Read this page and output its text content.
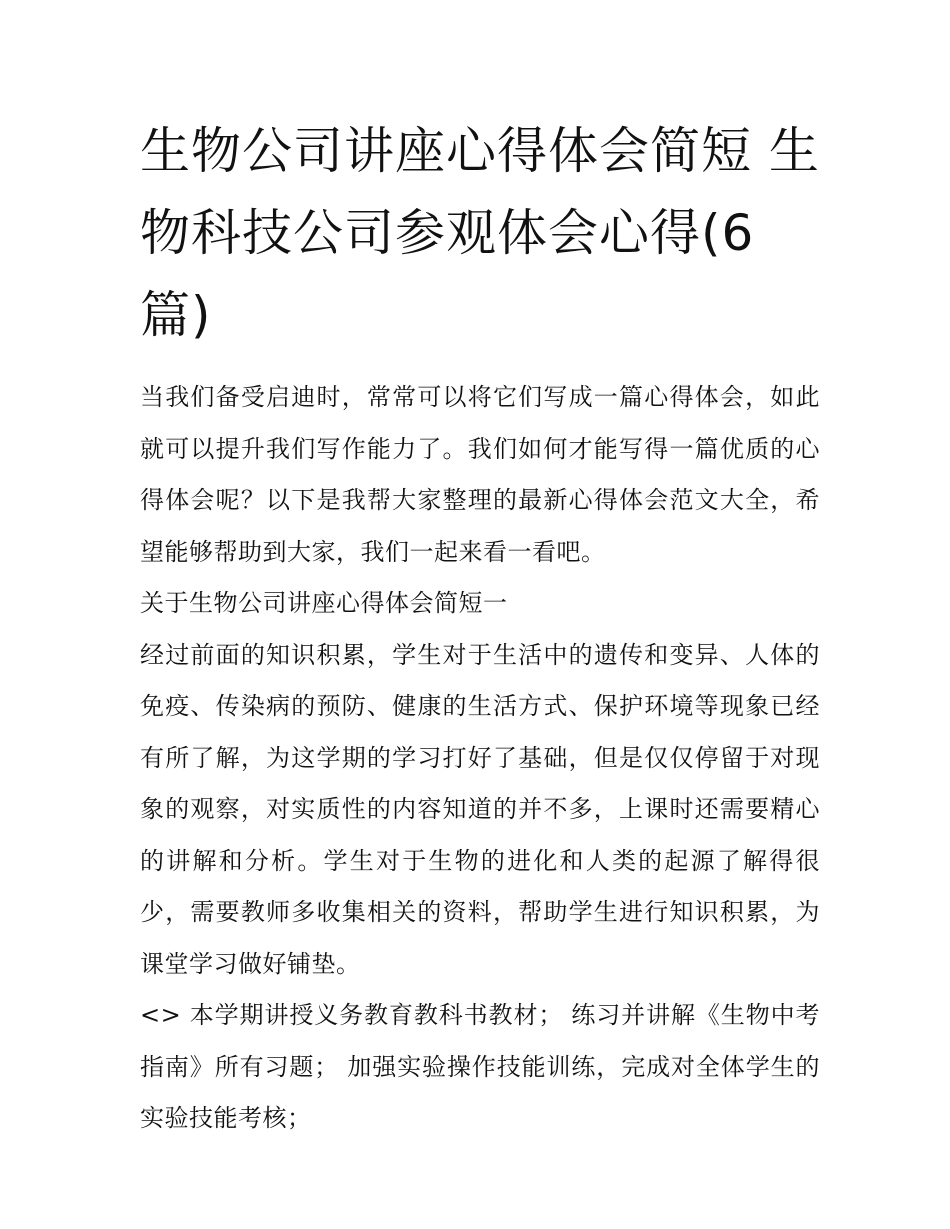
生物公司讲座心得体会简短 生物科技公司参观体会心得(6篇)

当我们备受启迪时，常常可以将它们写成一篇心得体会，如此就可以提升我们写作能力了。我们如何才能写得一篇优质的心得体会呢？以下是我帮大家整理的最新心得体会范文大全，希望能够帮助到大家，我们一起来看一看吧。

关于生物公司讲座心得体会简短一

经过前面的知识积累，学生对于生活中的遗传和变异、人体的免疫、传染病的预防、健康的生活方式、保护环境等现象已经有所了解，为这学期的学习打好了基础，但是仅仅停留于对现象的观察，对实质性的内容知道的并不多，上课时还需要精心的讲解和分析。学生对于生物的进化和人类的起源了解得很少，需要教师多收集相关的资料，帮助学生进行知识积累，为课堂学习做好铺垫。

<> 本学期讲授义务教育教科书教材； 练习并讲解《生物中考指南》所有习题； 加强实验操作技能训练，完成对全体学生的实验技能考核；
